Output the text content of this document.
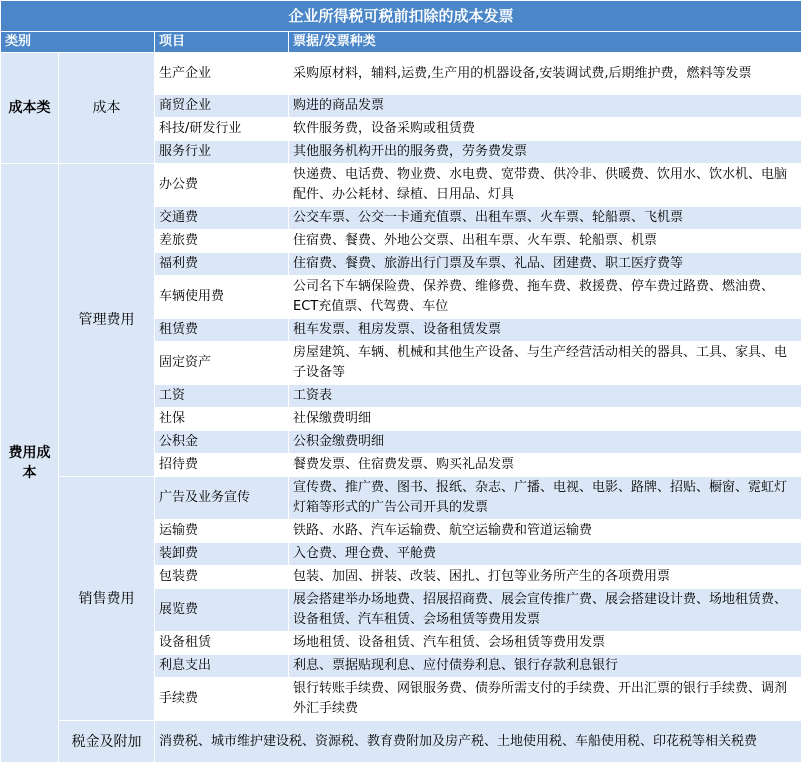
企业所得税可税前扣除的成本发票			
类别		项目	票据/发票种类
成本类	成本	生产企业	采购原材料，辅料,运费,生产用的机器设备,安装调试费,后期维护费，燃料等发票
		商贸企业	购进的商品发票
		科技/研发行业	软件服务费，设备采购或租赁费
		服务行业	其他服务机构开出的服务费，劳务费发票
费用成本	管理费用	办公费	快递费、电话费、物业费、水电费、宽带费、供冷非、供暖费、饮用水、饮水机、电脑配件、办公耗材、绿植、日用品、灯具
		交通费	公交车票、公交一卡通充值票、出租车票、火车票、轮船票、飞机票
		差旅费	住宿费、餐费、外地公交票、出租车票、火车票、轮船票、机票
		福利费	住宿费、餐费、旅游出行门票及车票、礼品、团建费、职工医疗费等
		车辆使用费	公司名下车辆保险费、保养费、维修费、拖车费、救援费、停车费过路费、燃油费、ECT充值票、代驾费、车位
		租赁费	租车发票、租房发票、设备租赁发票
		固定资产	房屋建筑、车辆、机械和其他生产设备、与生产经营活动相关的器具、工具、家具、电子设备等
		工资	工资表
		社保	社保缴费明细
		公积金	公积金缴费明细
		招待费	餐费发票、住宿费发票、购买礼品发票
	销售费用	广告及业务宣传	宣传费、推广费、图书、报纸、杂志、广播、电视、电影、路牌、招贴、橱窗、霓虹灯灯箱等形式的广告公司开具的发票
		运输费	铁路、水路、汽车运输费、航空运输费和管道运输费
		装卸费	入仓费、理仓费、平舱费
		包装费	包装、加固、拼装、改装、困扎、打包等业务所产生的各项费用票
		展览费	展会搭建举办场地费、招展招商费、展会宣传推广费、展会搭建设计费、场地租赁费、设备租赁、汽车租赁、会场租赁等费用发票
		设备租赁	场地租赁、设备租赁、汽车租赁、会场租赁等费用发票
		利息支出	利息、票据贴现利息、应付债券利息、银行存款利息银行
		手续费	银行转账手续费、网银服务费、债券所需支付的手续费、开出汇票的银行手续费、调剂外汇手续费
	税金及附加	消费税、城市维护建设税、资源税、教育费附加及房产税、土地使用税、车船使用税、印花税等相关税费	
